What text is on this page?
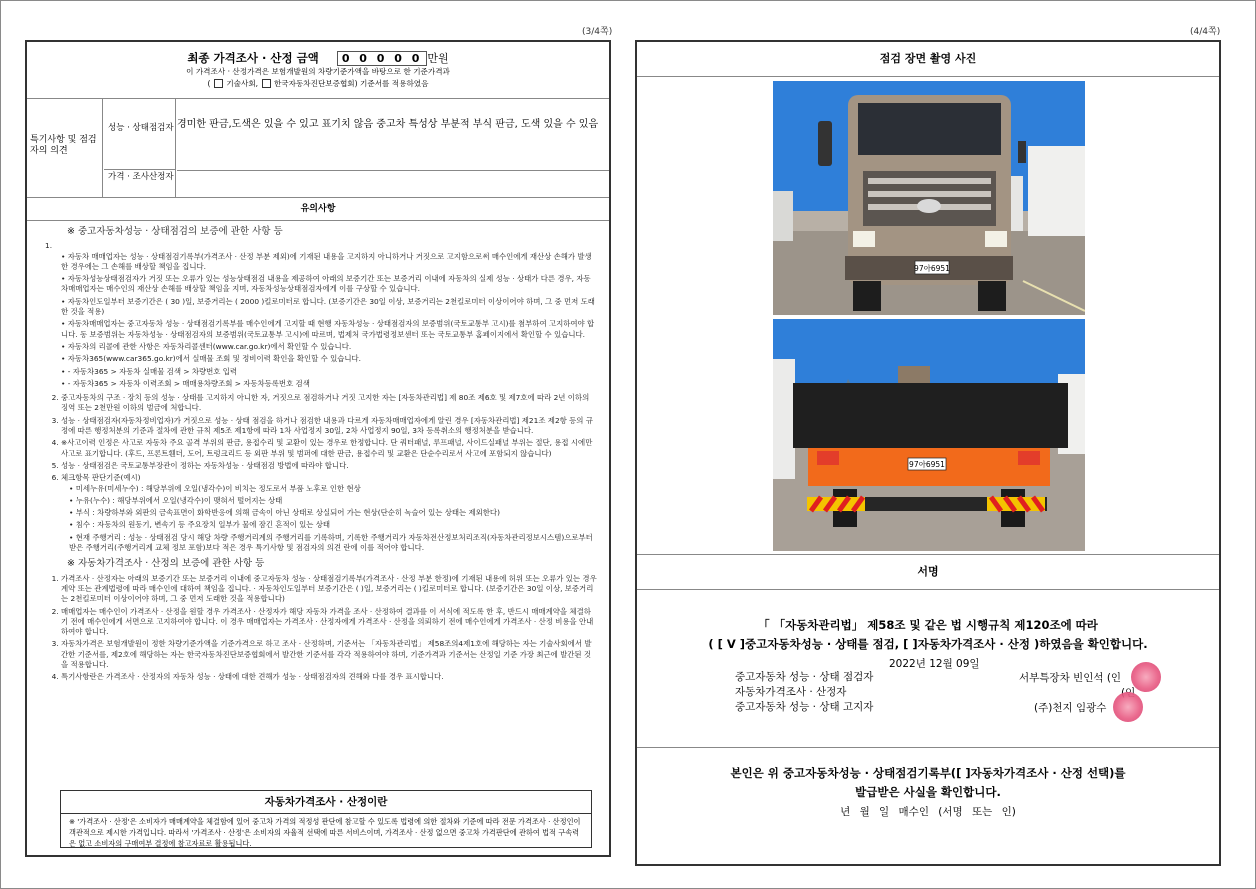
(3/4쪽)	(4/4쪽)
최종 가격조사 · 산정 금액 0 0 0 0 0 만원
이 가격조사 · 산정가격은 보험개발원의 차량기준가액을 바탕으로 한 기준가격과
( 기술사회, 한국자동차진단보증협회) 기준서를 적용하였음
특기사항 및 점검자의 의견
성능 · 상태점검자 경미한 판금,도색은 있을 수 있고 표기치 않음 중고차 특성상 부분적 부식 판금, 도색 있을 수 있음
가격 · 조사산정자
유의사항
※ 중고자동차성능 · 상태점검의 보증에 관한 사항 등
1.
• 자동차 매매업자는 성능 · 상태점검기록부(가격조사 · 산정 부분 제외)에 기재된 내용을 고지하지 아니하거나 거짓으로 고지함으로써 매수인에게 재산상 손해가 발생한 경우에는 그 손해를 배상할 책임을 집니다.
• 자동차성능상태점검자가 거짓 또는 오류가 있는 성능상태점검 내용을 제공하여 아래의 보증기간 또는 보증거리 이내에 자동차의 실제 성능 · 상태가 다른 경우, 자동차매매업자는 매수인의 재산상 손해를 배상할 책임을 지며, 자동차성능상태점검자에게 이를 구상할 수 있습니다.
• 자동차인도일부터 보증기간은 ( 30 )일, 보증거리는 ( 2000 )킬로미터로 합니다. (보증기간은 30일 이상, 보증거리는 2천킬로미터 이상이어야 하며, 그 중 먼저 도래한 것을 적용)
• 자동차매매업자는 중고자동차 성능 · 상태점검기록부를 매수인에게 고지할 때 현행 자동차성능 · 상태점검자의 보증범위(국토교통부 고시)를 첨부하여 고지하여야 합니다. 동 보증범위는 자동차성능 · 상태점검자의 보증범위(국토교통부 고시)에 따르며, 법제처 국가법령정보센터 또는 국토교통부 홈페이지에서 확인할 수 있습니다.
• 자동차의 리콜에 관한 사항은 자동차리콜센터(www.car.go.kr)에서 확인할 수 있습니다.
• 자동차365(www.car365.go.kr)에서 실매물 조회 및 정비이력 확인을 확인할 수 있습니다.
• - 자동차365 > 자동차 실매물 검색 > 차량번호 입력
• - 자동차365 > 자동차 이력조회 > 매매용차량조회 > 자동차등록번호 검색
2. 중고자동차의 구조 · 장치 등의 성능 · 상태를 고지하지 아니한 자, 거짓으로 점검하거나 거짓 고지한 자는 [자동차관리법] 제 80조 제6호 및 제7호에 따라 2년 이하의 징역 또는 2천만원 이하의 벌금에 처합니다.
3. 성능 · 상태점검자(자동차정비업자)가 거짓으로 성능 · 상태 점검을 하거나 점검한 내용과 다르게 자동차매매업자에게 알린 경우 [자동차관리법] 제21조 제2항 등의 규정에 따른 행정처분의 기준과 절차에 관한 규칙 제5조 제1항에 따라 1차 사업정지 30일, 2차 사업정지 90일, 3차 등록취소의 행정처분을 받습니다.
4. ※사고이력 인정은 사고로 자동차 주요 골격 부위의 판금, 용접수리 및 교환이 있는 경우로 한정합니다. 단 쿼터패널, 루프패널, 사이드실패널 부위는 절단, 용접 시에만 사고로 표기합니다. (후드, 프론트휀더, 도어, 트렁크리드 등 외판 부위 및 범퍼에 대한 판금, 용접수리 및 교환은 단순수리로서 사고에 포함되지 않습니다)
5. 성능 · 상태점검은 국토교통부장관이 정하는 자동차성능 · 상태점검 방법에 따라야 합니다.
6. 체크항목 판단기준(예시)
• 미세누유(미세누수) : 해당부위에 오일(냉각수)이 비치는 정도로서 부품 노후로 인한 현상
• 누유(누수) : 해당부위에서 오일(냉각수)이 맺혀서 떨어지는 상태
• 부식 : 차량하부와 외판의 금속표면이 화학반응에 의해 금속이 아닌 상태로 상실되어 가는 현상(단순히 녹슬어 있는 상태는 제외한다)
• 침수 : 자동차의 원동기, 변속기 등 주요장치 일부가 물에 잠긴 흔적이 있는 상태
• 현재 주행거리 : 성능 · 상태점검 당시 해당 차량 주행거리계의 주행거리를 기록하며, 기록한 주행거리가 자동차전산정보처리조직(자동차관리정보시스템)으로부터 받은 주행거리(주행거리계 교체 정보 포함)보다 적은 경우 특기사항 및 점검자의 의견 란에 이를 적어야 합니다.
※ 자동차가격조사 · 산정의 보증에 관한 사항 등
1. 가격조사 · 산정자는 아래의 보증기간 또는 보증거리 이내에 중고자동차 성능 · 상태점검기록부(가격조사 · 산정 부분 한정)에 기재된 내용에 허위 또는 오류가 있는 경우 계약 또는 관계법령에 따라 매수인에 대하여 책임을 집니다. · 자동차인도일부터 보증기간은 ( )일, 보증거리는 ( )킬로미터로 합니다. (보증기간은 30일 이상, 보증거리는 2천킬로미터 이상이어야 하며, 그 중 먼저 도래한 것을 적용합니다)
2. 매매업자는 매수인이 가격조사 · 산정을 원할 경우 가격조사 · 산정자가 해당 자동차 가격을 조사 · 산정하여 결과를 이 서식에 적도록 한 후, 반드시 매매계약을 체결하기 전에 매수인에게 서면으로 고지하여야 합니다. 이 경우 매매업자는 가격조사 · 산정자에게 가격조사 · 산정을 의뢰하기 전에 매수인에게 가격조사 · 산정 비용을 안내하여야 합니다.
3. 자동차가격은 보험개발원이 정한 차량기준가액을 기준가격으로 하고 조사 · 산정하며, 기준서는 「자동차관리법」 제58조의4제1호에 해당하는 자는 기술사회에서 발간한 기준서를, 제2호에 해당하는 자는 한국자동차진단보증협회에서 발간한 기준서를 각각 적용하여야 하며, 기준가격과 기준서는 산정일 기준 가장 최근에 발간된 것을 적용합니다.
4. 특기사항란은 가격조사 · 산정자의 자동차 성능 · 상태에 대한 견해가 성능 · 상태점검자의 견해와 다를 경우 표시합니다.
자동차가격조사 · 산정이란
※ '가격조사 · 산정'은 소비자가 매매계약을 체결함에 있어 중고차 가격의 적정성 판단에 참고할 수 있도록 법령에 의한 절차와 기준에 따라 전문 가격조사 · 산정인이 객관적으로 제시한 가격입니다. 따라서 '가격조사 · 산정'은 소비자의 자율적 선택에 따른 서비스이며, 가격조사 · 산정 없으면 중고차 가격판단에 관하여 법적 구속력은 없고 소비자의 구매여부 결정에 참고자료로 활용됩니다.
점검 장면 촬영 사진
97아6951
97아6951
서명
「 「자동차관리법」 제58조 및 같은 법 시행규칙 제120조에 따라
( [ V ]중고자동차성능 · 상태를 점검, [ ]자동차가격조사 · 산정 )하였음을 확인합니다.
2022년 12월 09일
중고자동차 성능 · 상태 점검자
자동차가격조사 · 산정자
중고자동차 성능 · 상태 고지자
서부특장차 빈인석 (인
(주)천지 임광수
본인은 위 중고자동차성능 · 상태점검기록부([ ]자동차가격조사 · 산정 선택)를
발급받은 사실을 확인합니다.
년 월 일 매수인 (서명 또는 인)
